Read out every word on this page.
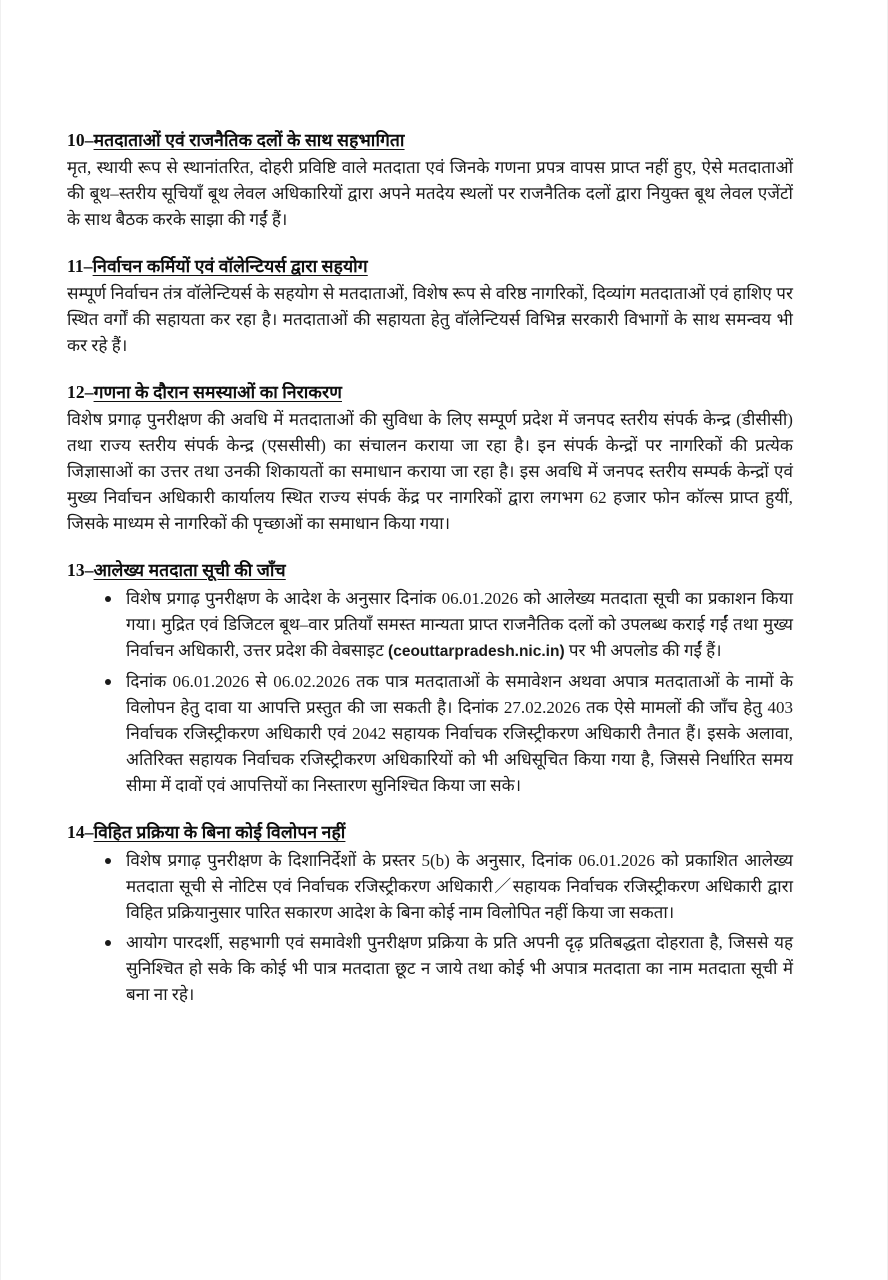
10–मतदाताओं एवं राजनैतिक दलों के साथ सहभागिता

मृत, स्थायी रूप से स्थानांतरित, दोहरी प्रविष्टि वाले मतदाता एवं जिनके गणना प्रपत्र वापस प्राप्त नहीं हुए, ऐसे मतदाताओं की बूथ–स्तरीय सूचियाँ बूथ लेवल अधिकारियों द्वारा अपने मतदेय स्थलों पर राजनैतिक दलों द्वारा नियुक्त बूथ लेवल एजेंटों के साथ बैठक करके साझा की गईं हैं।

11–निर्वाचन कर्मियों एवं वॉलेन्टियर्स द्वारा सहयोग

सम्पूर्ण निर्वाचन तंत्र वॉलेन्टियर्स के सहयोग से मतदाताओं, विशेष रूप से वरिष्ठ नागरिकों, दिव्यांग मतदाताओं एवं हाशिए पर स्थित वर्गों की सहायता कर रहा है। मतदाताओं की सहायता हेतु वॉलेन्टियर्स विभिन्न सरकारी विभागों के साथ समन्वय भी कर रहे हैं।

12–गणना के दौरान समस्याओं का निराकरण

विशेष प्रगाढ़ पुनरीक्षण की अवधि में मतदाताओं की सुविधा के लिए सम्पूर्ण प्रदेश में जनपद स्तरीय संपर्क केन्द्र (डीसीसी) तथा राज्य स्तरीय संपर्क केन्द्र (एससीसी) का संचालन कराया जा रहा है। इन संपर्क केन्द्रों पर नागरिकों की प्रत्येक जिज्ञासाओं का उत्तर तथा उनकी शिकायतों का समाधान कराया जा रहा है। इस अवधि में जनपद स्तरीय सम्पर्क केन्द्रों एवं मुख्य निर्वाचन अधिकारी कार्यालय स्थित राज्य संपर्क केंद्र पर नागरिकों द्वारा लगभग 62 हजार फोन कॉल्स प्राप्त हुयीं, जिसके माध्यम से नागरिकों की पृच्छाओं का समाधान किया गया।

13–आलेख्य मतदाता सूची की जाँच
विशेष प्रगाढ़ पुनरीक्षण के आदेश के अनुसार दिनांक 06.01.2026 को आलेख्य मतदाता सूची का प्रकाशन किया गया। मुद्रित एवं डिजिटल बूथ–वार प्रतियाँ समस्त मान्यता प्राप्त राजनैतिक दलों को उपलब्ध कराई गईं तथा मुख्य निर्वाचन अधिकारी, उत्तर प्रदेश की वेबसाइट (ceouttarpradesh.nic.in) पर भी अपलोड की गईं हैं।
दिनांक 06.01.2026 से 06.02.2026 तक पात्र मतदाताओं के समावेशन अथवा अपात्र मतदाताओं के नामों के विलोपन हेतु दावा या आपत्ति प्रस्तुत की जा सकती है। दिनांक 27.02.2026 तक ऐसे मामलों की जाँच हेतु 403 निर्वाचक रजिस्ट्रीकरण अधिकारी एवं 2042 सहायक निर्वाचक रजिस्ट्रीकरण अधिकारी तैनात हैं। इसके अलावा, अतिरिक्त सहायक निर्वाचक रजिस्ट्रीकरण अधिकारियों को भी अधिसूचित किया गया है, जिससे निर्धारित समय सीमा में दावों एवं आपत्तियों का निस्तारण सुनिश्चित किया जा सके।
14–विहित प्रक्रिया के बिना कोई विलोपन नहीं
विशेष प्रगाढ़ पुनरीक्षण के दिशानिर्देशों के प्रस्तर 5(b) के अनुसार, दिनांक 06.01.2026 को प्रकाशित आलेख्य मतदाता सूची से नोटिस एवं निर्वाचक रजिस्ट्रीकरण अधिकारी／सहायक निर्वाचक रजिस्ट्रीकरण अधिकारी द्वारा विहित प्रक्रियानुसार पारित सकारण आदेश के बिना कोई नाम विलोपित नहीं किया जा सकता।
आयोग पारदर्शी, सहभागी एवं समावेशी पुनरीक्षण प्रक्रिया के प्रति अपनी दृढ़ प्रतिबद्धता दोहराता है, जिससे यह सुनिश्चित हो सके कि कोई भी पात्र मतदाता छूट न जाये तथा कोई भी अपात्र मतदाता का नाम मतदाता सूची में बना ना रहे।
